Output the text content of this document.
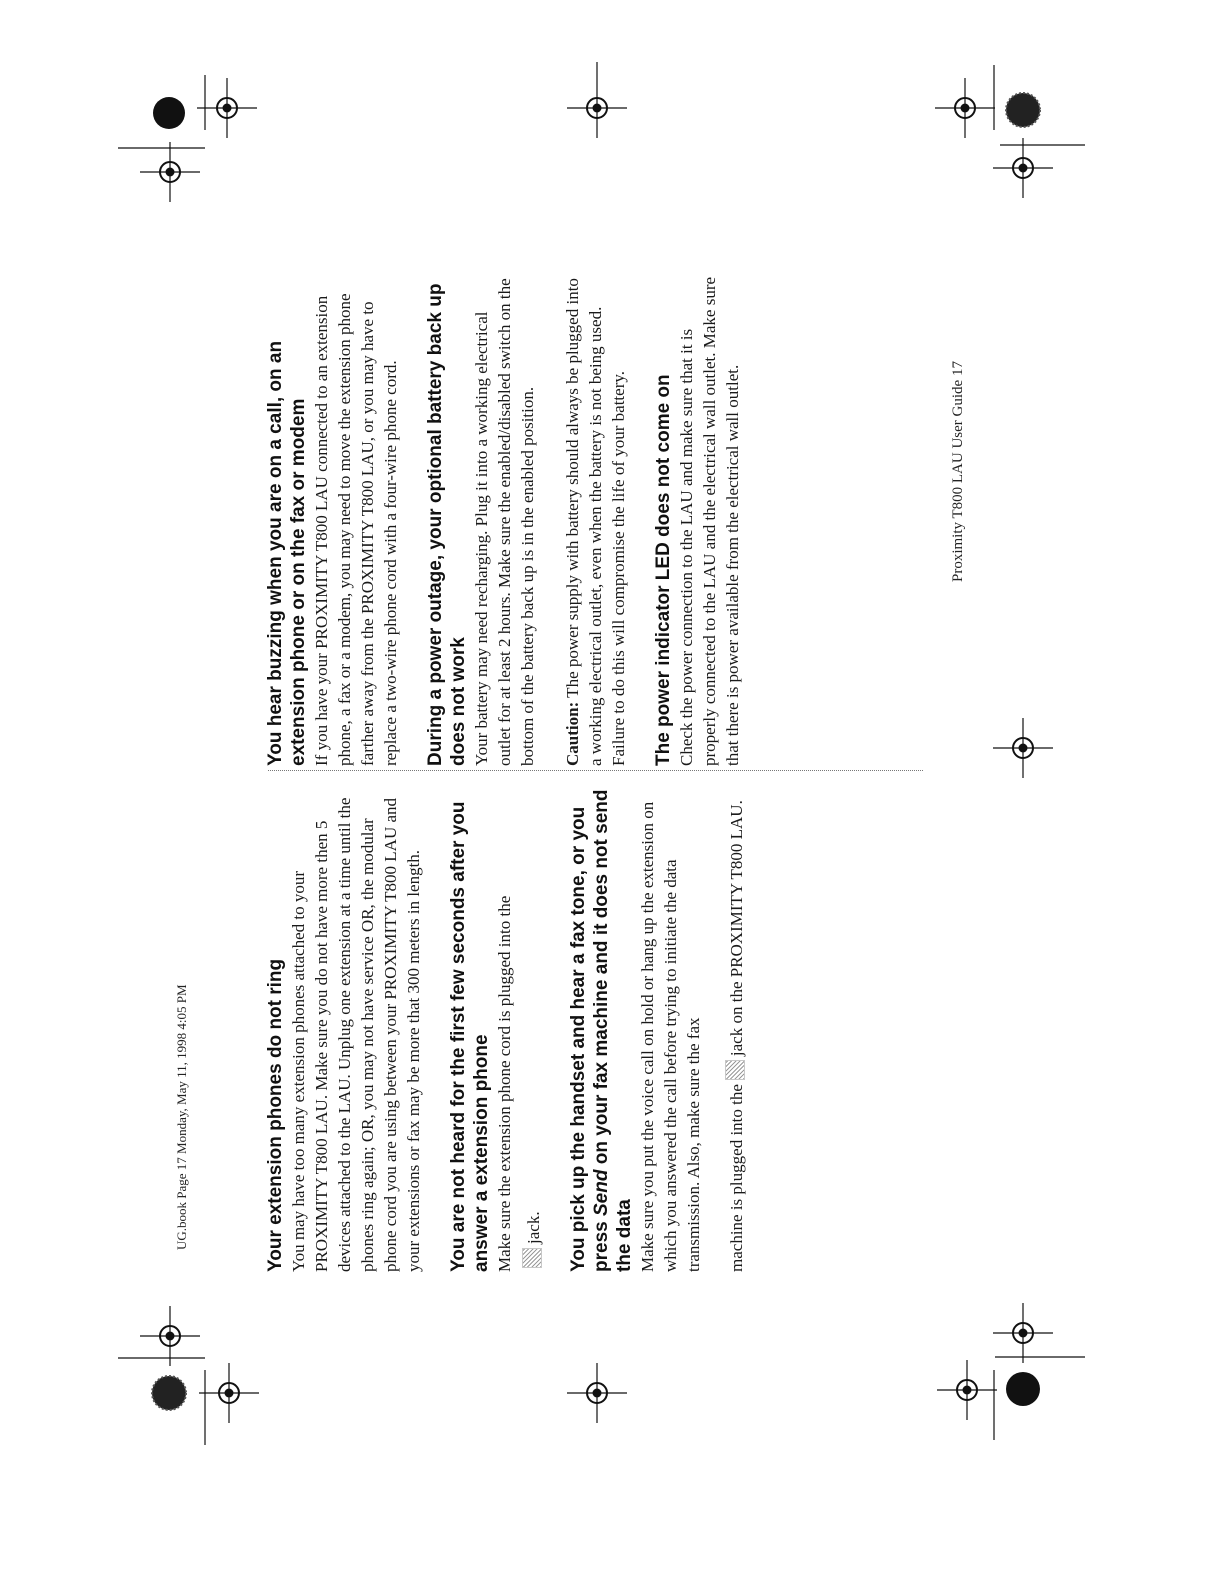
UG.book Page 17 Monday, May 11, 1998 4:05 PM	Your extension phones do not ring You may have too many extension phones attached to your PROXIMITY T800 LAU. Make sure you do not have more then 5 devices attached to the LAU. Unplug one extension at a time until the phones ring again; OR, you may not have service OR, the modular phone cord you are using between your PROXIMITY T800 LAU and your extensions or fax may be more that 300 meters in length. You are not heard for the first few seconds after you answer a extension phone Make sure the extension phone cord is plugged into the jack. You pick up the handset and hear a fax tone, or you press Send on your fax machine and it does not send the data Make sure you put the voice call on hold or hang up the extension on which you answered the call before trying to initiate the data transmission. Also, make sure the fax machine is plugged into thejack on the PROXIMITY T800 LAU.

You hear buzzing when you are on a call, on an extension phone or on the fax or modem If you have your PROXIMITY T800 LAU connected to an extension phone, a fax or a modem, you may need to move the extension phone farther away from the PROXIMITY T800 LAU, or you may have to replace a two-wire phone cord with a four-wire phone cord. During a power outage, your optional battery back up does not work Your battery may need recharging. Plug it into a working electrical outlet for at least 2 hours. Make sure the enabled/disabled switch on the bottom of the battery back up is in the enabled position. Caution: The power supply with battery should always be plugged into a working electrical outlet, even when the battery is not being used. Failure to do this will compromise the life of your battery. The power indicator LED does not come on Check the power connection to the LAU and make sure that it is properly connected to the LAU and the electrical wall outlet. Make sure that there is power available from the electrical wall outlet.	Proximity T800 LAU User Guide 17
